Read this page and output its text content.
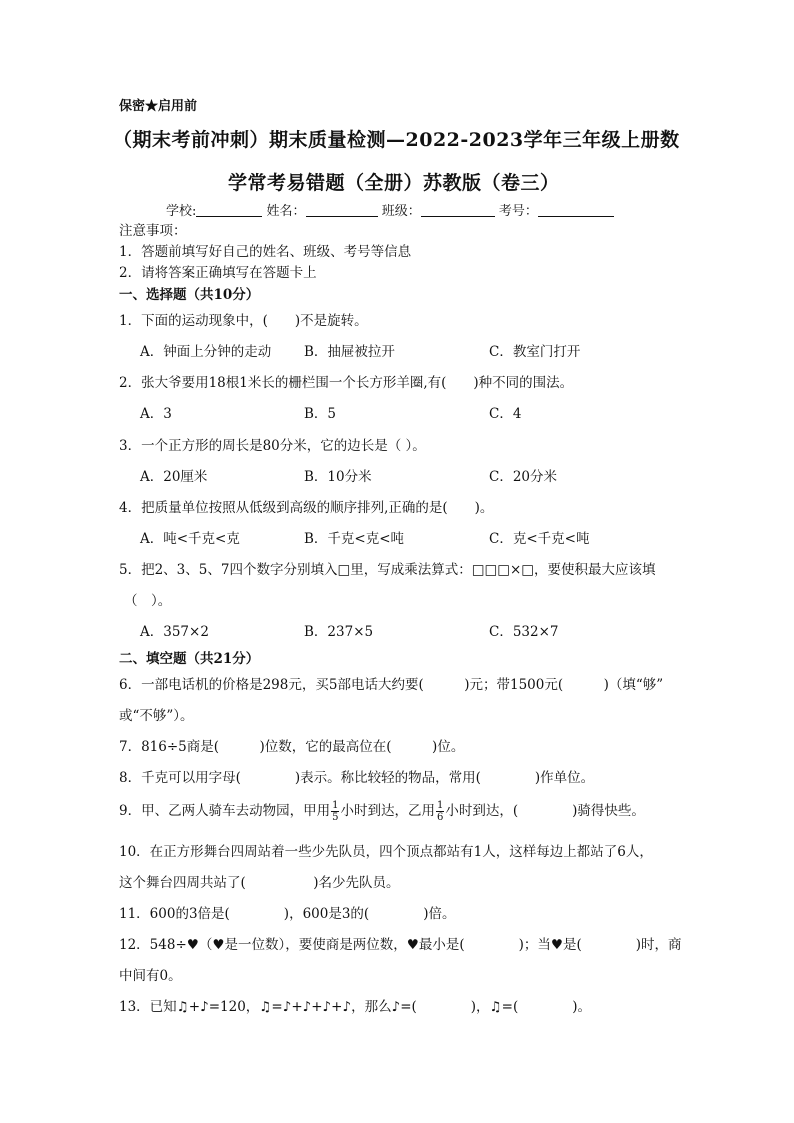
保密★启用前
（期末考前冲刺）期末质量检测—2022-2023学年三年级上册数
学常考易错题（全册）苏教版（卷三）
学校:	姓名：	班级：	考号：
注意事项：
1．答题前填写好自己的姓名、班级、考号等信息
2．请将答案正确填写在答题卡上
一、选择题（共10分）
1．下面的运动现象中，(　　)不是旋转。
A．钟面上分钟的走动 B．抽屉被拉开	C．教室门打开
2．张大爷要用18根1米长的栅栏围一个长方形羊圈,有(　　)种不同的围法。
A．3	B．5	C．4
3．一个正方形的周长是80分米，它的边长是（ ）。
A．20厘米	B．10分米	C．20分米
4．把质量单位按照从低级到高级的顺序排列,正确的是(　　)。
A．吨<千克<克	B．千克<克<吨	C．克<千克<吨
5．把2、3、5、7四个数字分别填入□里，写成乘法算式：□□□×□，要使积最大应该填
（　）。
A．357×2	B．237×5	C．532×7
二、填空题（共21分）
6．一部电话机的价格是298元，买5部电话大约要(　　　)元；带1500元(　　　)（填“够”
或“不够”）。
7．816÷5商是(　　　)位数，它的最高位在(　　　)位。
8．千克可以用字母(　　　　)表示。称比较轻的物品，常用(　　　　)作单位。
9．甲、乙两人骑车去动物园，甲用 $\frac{1}{5}$ 小时到达，乙用 $\frac{1}{6}$ 小时到达，(　　　　)骑得快些。
10．在正方形舞台四周站着一些少先队员，四个顶点都站有1人，这样每边上都站了6人，
这个舞台四周共站了(　　　　　)名少先队员。
11．600的3倍是(　　　　)，600是3的(　　　　)倍。
12．548÷♥（♥是一位数），要使商是两位数，♥最小是(　　　　)；当♥是(　　　　)时，商
中间有0。
13．已知♫+♪=120，♫=♪+♪+♪+♪，那么♪=(　　　　)，♫=(　　　　)。
